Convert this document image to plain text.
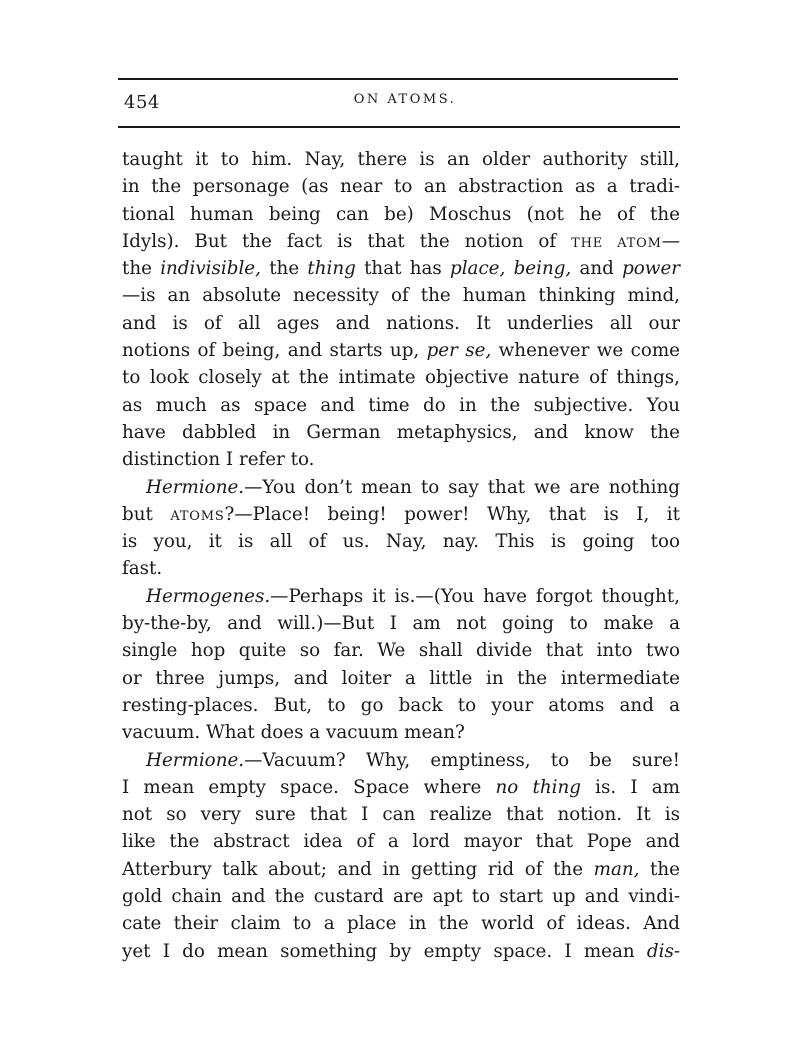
454	ON ATOMS.
taught it to him. Nay, there is an older authority still,
in the personage (as near to an abstraction as a tradi-
tional human being can be) Moschus (not he of the
Idyls). But the fact is that the notion of THE ATOM—
the indivisible, the thing that has place, being, and power
—is an absolute necessity of the human thinking mind,
and is of all ages and nations. It underlies all our
notions of being, and starts up, per se, whenever we come
to look closely at the intimate objective nature of things,
as much as space and time do in the subjective. You
have dabbled in German metaphysics, and know the
distinction I refer to.
Hermione.—You don’t mean to say that we are nothing
but ATOMS?—Place! being! power! Why, that is I, it
is you, it is all of us. Nay, nay. This is going too
fast.
Hermogenes.—Perhaps it is.—(You have forgot thought,
by-the-by, and will.)—But I am not going to make a
single hop quite so far. We shall divide that into two
or three jumps, and loiter a little in the intermediate
resting-places. But, to go back to your atoms and a
vacuum. What does a vacuum mean?
Hermione.—Vacuum? Why, emptiness, to be sure!
I mean empty space. Space where no thing is. I am
not so very sure that I can realize that notion. It is
like the abstract idea of a lord mayor that Pope and
Atterbury talk about; and in getting rid of the man, the
gold chain and the custard are apt to start up and vindi-
cate their claim to a place in the world of ideas. And
yet I do mean something by empty space. I mean dis-
